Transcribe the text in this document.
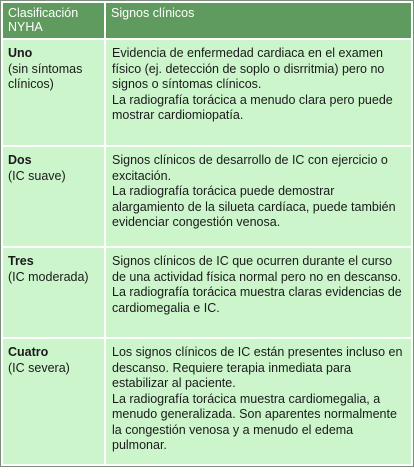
Clasificación NYHA	Signos clínicos

Uno
(sin síntomas clínicos)	Evidencia de enfermedad cardiaca en el examen físico (ej. detección de soplo o disrritmia) pero no signos o síntomas clínicos.
La radiografía torácica a menudo clara pero puede mostrar cardiomiopatía.

Dos
(IC suave)	Signos clínicos de desarrollo de IC con ejercicio o excitación.
La radiografía torácica puede demostrar alargamiento de la silueta cardíaca, puede también evidenciar congestión venosa.

Tres
(IC moderada)	Signos clínicos de IC que ocurren durante el curso de una actividad física normal pero no en descanso.
La radiografía torácica muestra claras evidencias de cardiomegalia e IC.

Cuatro
(IC severa)	Los signos clínicos de IC están presentes incluso en descanso. Requiere terapia inmediata para estabilizar al paciente.
La radiografía torácica muestra cardiomegalia, a menudo generalizada. Son aparentes normalmente la congestión venosa y a menudo el edema pulmonar.
